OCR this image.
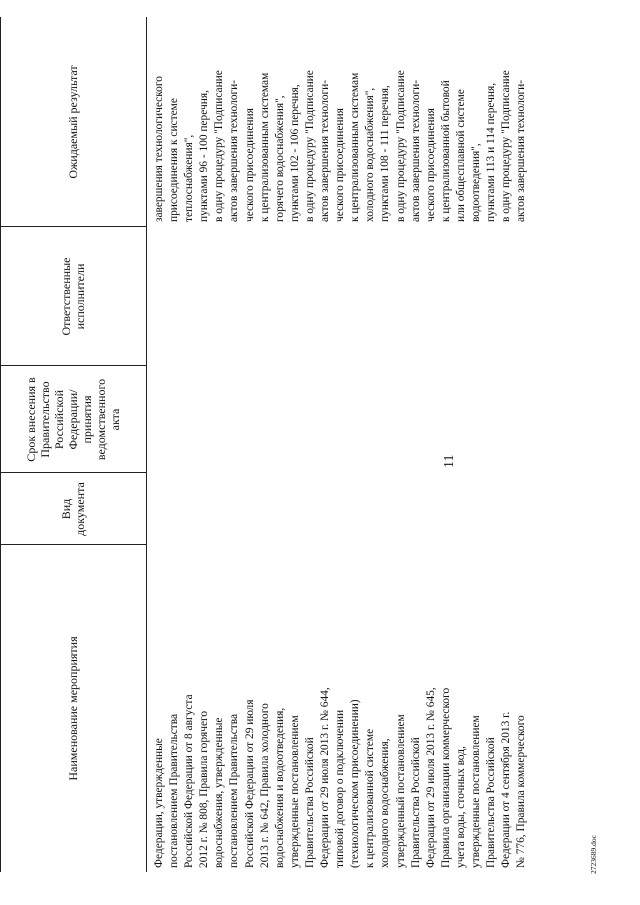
2723689.doc
11
Наименование мероприятия
Вид документа
Срок внесения в Правительство Российской Федерации/ принятия ведомственного акта
Ответственные исполнители
Ожидаемый результат
Федерации, утвержденные постановлением Правительства Российской Федерации от 8 августа 2012 г. № 808, Правила горячего водоснабжения, утвержденные постановлением Правительства Российской Федерации от 29 июля 2013 г. № 642, Правила холодного водоснабжения и водоотведения, утвержденные постановлением Правительства Российской Федерации от 29 июля 2013 г. № 644, типовой договор о подключении (технологическом присоединении) к централизованной системе холодного водоснабжения, утвержденный постановлением Правительства Российской Федерации от 29 июля 2013 г. № 645, Правила организации коммерческого учета воды, сточных вод, утвержденные постановлением Правительства Российской Федерации от 4 сентября 2013 г. № 776, Правила коммерческого
завершения технологического присоединения к системе теплоснабжения", пунктами 96 - 100 перечня, в одну процедуру "Подписание актов завершения технологи- ческого присоединения к централизованным системам горячего водоснабжения", пунктами 102 - 106 перечня, в одну процедуру "Подписание актов завершения технологи- ческого присоединения к централизованным системам холодного водоснабжения", пунктами 108 - 111 перечня, в одну процедуру "Подписание актов завершения технологи- ческого присоединения к централизованной бытовой или общесплавной системе водоотведения", пунктами 113 и 114 перечня, в одну процедуру "Подписание актов завершения технологи-
